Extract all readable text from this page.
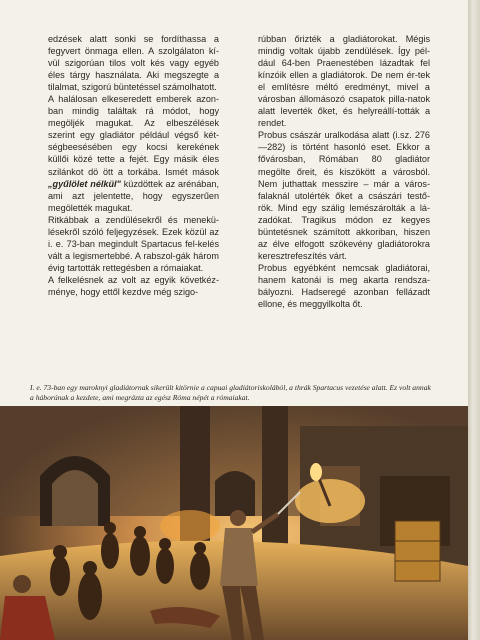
edzések alatt sonki se fordíthassa a fegyvert önmaga ellen. A szolgálaton kí-vül szigorúan tilos volt kés vagy egyéb éles tárgy használata. Aki megszegte a tilalmat, szigorú büntetéssel számolhatott.

A halálosan elkeseredett emberek azon-ban mindig találtak rá módot, hogy megöljék magukat. Az elbeszélések szerint egy gladiátor például végső két-ségbeesésében egy kocsi kerekének küllői közé tette a fejét. Egy másik éles szilánkot dö ött a torkába. Ismét mások „gyűlölet nélkül" küzdöttek az arénában, ami azt jelentette, hogy egyszerűen megölették magukat.

Ritkábbak a zendülésekről és menekü-lésekről szóló feljegyzések. Ezek közül az i. e. 73-ban megindult Spartacus fel-kelés vált a legismertebbé. A rabszol-gák három évig tartották rettegésben a rómaiakat.

A felkelésnek az volt az egyik követkéz-ménye, hogy ettől kezdve még szigo-

rúbban őrizték a gladiátorokat. Mégis mindig voltak újabb zendülések. Így pél-dául 64-ben Praenestében lázadtak fel kínzóik ellen a gladiátorok. De nem ér-tek el említésre méltó eredményt, mivel a városban állomásozó csapatok pilla-natok alatt leverték őket, és helyreállí-tották a rendet.

Probus császár uralkodása alatt (i.sz. 276—282) is történt hasonló eset. Ekkor a fővárosban, Rómában 80 gladiátor megölte őreit, és kiszökött a városból. Nem juthattak messzire – már a város-falaknál utolérték őket a császári testő-rök. Mind egy szálig lemészárolták a lá-zadókat. Tragikus módon ez kegyes büntetésnek számított akkoriban, hiszen az élve elfogott szökevény gladiátorokra keresztrefeszítés várt.

Probus egyébként nemcsak gladiátorai, hanem katonái is meg akarta rendsza-bályozni. Hadseregé azonban fellázadt ellone, és meggyilkolta őt.

I. e. 73-ban egy maroknyi gladiátornak sikerült kitörnie a capuai gladiátoriskolából, a thrák Spartacus vezetése alatt. Ez volt annak a háborúnak a kezdete, ami megrázta az egész Róma népét a rómaiakat.
